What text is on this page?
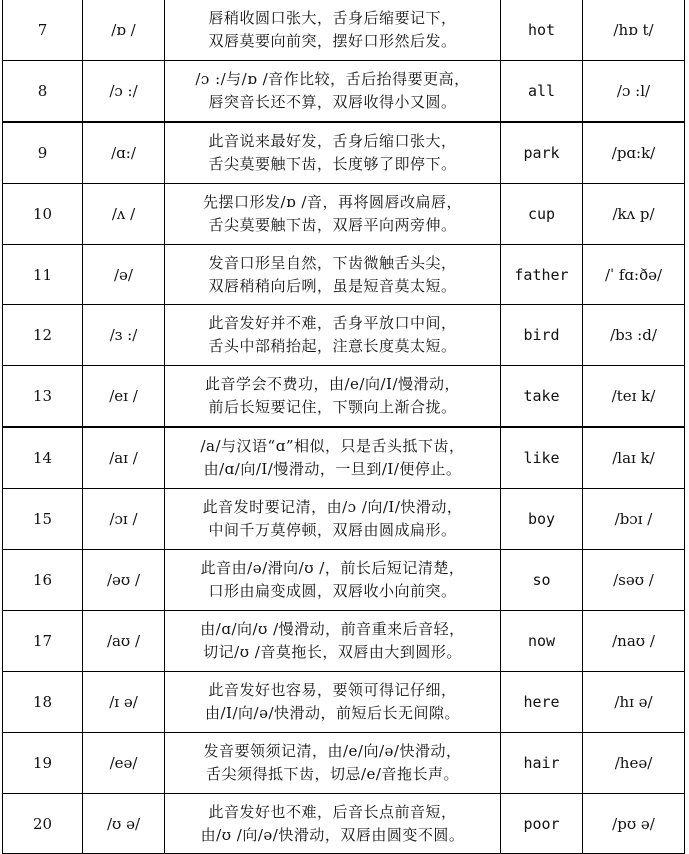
7	/ɒ /	唇稍收圆口张大，舌身后缩要记下，
双唇莫要向前突，摆好口形然后发。	hot	/hɒ t/
8	/ɔ :/	/ɔ :/与/ɒ /音作比较，舌后抬得要更高，
唇突音长还不算，双唇收得小又圆。	all	/ɔ :l/
9	/ɑ:/	此音说来最好发，舌身后缩口张大，
舌尖莫要触下齿，长度够了即停下。	park	/pɑ:k/
10	/ʌ /	先摆口形发/ɒ /音，再将圆唇改扁唇，
舌尖莫要触下齿，双唇平向两旁伸。	cup	/kʌ p/
11	/ə/	发音口形呈自然，下齿微触舌头尖，
双唇稍稍向后咧，虽是短音莫太短。	father	/ˈ fɑ:ðə/
12	/ɜ :/	此音发好并不难，舌身平放口中间，
舌头中部稍抬起，注意长度莫太短。	bird	/bɜ :d/
13	/eɪ /	此音学会不费功，由/e/向/I/慢滑动，
前后长短要记住，下颚向上渐合拢。	take	/teɪ k/
14	/aɪ /	/a/与汉语“ɑ”相似，只是舌头抵下齿，
由/ɑ/向/I/慢滑动，一旦到/I/便停止。	like	/laɪ k/
15	/ɔɪ /	此音发时要记清，由/ɔ /向/I/快滑动，
中间千万莫停顿，双唇由圆成扁形。	boy	/bɔɪ /
16	/əʊ /	此音由/ə/滑向/ʊ /，前长后短记清楚，
口形由扁变成圆，双唇收小向前突。	so	/səʊ /
17	/aʊ /	由/ɑ/向/ʊ /慢滑动，前音重来后音轻，
切记/ʊ /音莫拖长，双唇由大到圆形。	now	/naʊ /
18	/ɪ ə/	此音发好也容易，要领可得记仔细，
由/I/向/ə/快滑动，前短后长无间隙。	here	/hɪ ə/
19	/eə/	发音要领须记清，由/e/向/ə/快滑动，
舌尖须得抵下齿，切忌/e/音拖长声。	hair	/heə/
20	/ʊ ə/	此音发好也不难，后音长点前音短，
由/ʊ /向/ə/快滑动，双唇由圆变不圆。	poor	/pʊ ə/
